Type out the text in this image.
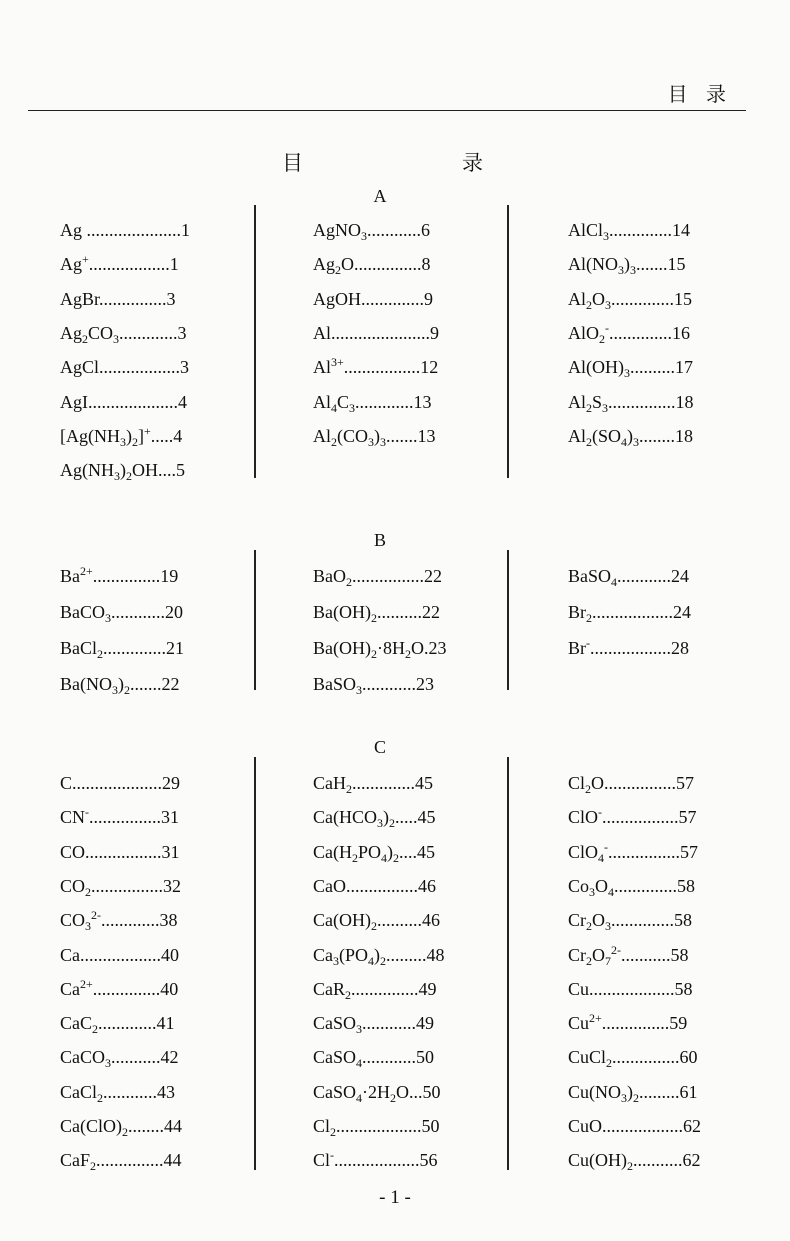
目 录
目	录
A
Ag .....................1
Ag+..................1
AgBr...............3
$Ag_2CO_3.............3$
AgCl..................3
AgI....................4
$[Ag(NH_3)_2]^+.....4$
$Ag(NH_3)_2OH....5$
AgNO$_3$............6
$Ag_2O...............8$
AgOH..............9
Al......................9
$Al^{3+}.................12$
$Al_4C_3.............13$
$Al_2(CO_3)_3.......13$
AlCl$_3$..............14
$Al(NO_3)_3.......15$
$Al_2O_3..............15$
AlO$_2$-..............16
$Al(OH)_3..........17$
$Al_2S_3...............18$
$Al_2(SO_4)_3........18$
B
$Ba^{2+}...............19$
BaCO$_3$............20
BaCl$_2$..............21
$Ba(NO_3)_2.......22$
BaO$_2$................22
$Ba(OH)_2..........22$
$Ba(OH)_2\cdot 8H_2O.23$
BaSO$_3$............23
BaSO$_4$............24
$Br_2..................24$
Br-..................28
C
C....................29
CN-................31
CO.................31
$CO_2................32$
$CO_3^{2-}.............38$
Ca..................40
$Ca^{2+}...............40$
CaC$_2$.............41
CaCO$_3$...........42
CaCl$_2$............43
$Ca(ClO)_2........44$
CaF$_2$...............44
CaH$_2$..............45
$Ca(HCO_3)_2.....45$
$Ca(H_2PO_4)_2....45$
CaO................46
$Ca(OH)_2..........46$
$Ca_3(PO_4)_2.........48$
CaR$_2$...............49
CaSO$_3$............49
CaSO$_4$............50
$CaSO_4\cdot 2H_2O...50$
$Cl_2...................50$
Cl-...................56
$Cl_2O................57$
ClO-.................57
ClO$_4$-................57
$Co_3O_4..............58$
$Cr_2O_3..............58$
$Cr_2O_7^{2-}...........58$
Cu...................58
$Cu^{2+}...............59$
CuCl$_2$...............60
$Cu(NO_3)_2.........61$
CuO..................62
$Cu(OH)_2...........62$
- 1 -
